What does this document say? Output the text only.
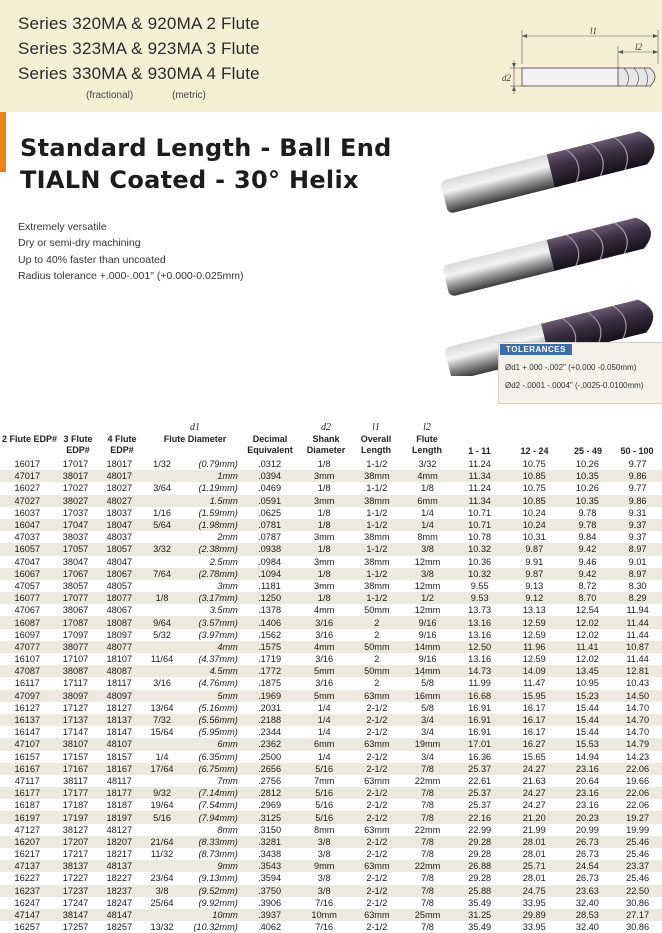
Series 320MA & 920MA 2 Flute
Series 323MA & 923MA 3 Flute
Series 330MA & 930MA 4 Flute
(fractional)	(metric)
l1
l2
d2
Standard Length - Ball End
TIALN Coated - 30° Helix
Extremely versatile
Dry or semi-dry machining
Up to 40% faster than uncoated
Radius tolerance +.000-.001" (+0.000-0.025mm)
TOLERANCES
Ød1 +.000 -.002" (+0.000 -0.050mm)
Ød2 -.0001 -.0004" (-.0025-0.0100mm)
2 Flute EDP# 3 Flute EDP#
4 Flute EDP#
d1
Flute Diameter	Decimal Equivalent
d2
Shank Diameter
l1
Overall Length
l2
Flute Length	1 - 11	12 - 24	25 - 49	50 - 100
16017	17017	18017	1/32	(0.79mm)	.0312	1/8	1-1/2	3/32	11.24	10.75	10.26	9.77
47017	38017	48017		1mm	.0394	3mm	38mm	4mm	11.34	10.85	10.35	9.86
16027	17027	18027	3/64	(1.19mm)	.0469	1/8	1-1/2	1/8	11.24	10.75	10.26	9.77
47027	38027	48027		1.5mm	.0591	3mm	38mm	6mm	11.34	10.85	10.35	9.86
16037	17037	18037	1/16	(1.59mm)	.0625	1/8	1-1/2	1/4	10.71	10.24	9.78	9.31
16047	17047	18047	5/64	(1.98mm)	.0781	1/8	1-1/2	1/4	10.71	10.24	9.78	9.37
47037	38037	48037		2mm	.0787	3mm	38mm	8mm	10.78	10.31	9.84	9.37
16057	17057	18057	3/32	(2.38mm)	.0938	1/8	1-1/2	3/8	10.32	9.87	9.42	8.97
47047	38047	48047		2.5mm	.0984	3mm	38mm	12mm	10.36	9.91	9.46	9.01
16067	17067	18067	7/64	(2.78mm)	.1094	1/8	1-1/2	3/8	10.32	9.87	9.42	8.97
47057	38057	48057		3mm	.1181	3mm	38mm	12mm	9.55	9.13	8.72	8.30
16077	17077	18077	1/8	(3.17mm)	.1250	1/8	1-1/2	1/2	9.53	9.12	8.70	8.29
47067	38067	48067		3.5mm	.1378	4mm	50mm	12mm	13.73	13.13	12.54	11.94
16087	17087	18087	9/64	(3.57mm)	.1406	3/16	2	9/16	13.16	12.59	12.02	11.44
16097	17097	18097	5/32	(3.97mm)	.1562	3/16	2	9/16	13.16	12.59	12.02	11.44
47077	38077	48077		4mm	.1575	4mm	50mm	14mm	12.50	11.96	11.41	10.87
16107	17107	18107	11/64	(4.37mm)	.1719	3/16	2	9/16	13.16	12.59	12.02	11.44
47087	38087	48087		4.5mm	.1772	5mm	50mm	14mm	14.73	14.09	13.45	12.81
16117	17117	18117	3/16	(4.76mm)	.1875	3/16	2	5/8	11.99	11.47	10.95	10.43
47097	38097	48097		5mm	.1969	5mm	63mm	16mm	16.68	15.95	15.23	14.50
16127	17127	18127	13/64	(5.16mm)	.2031	1/4	2-1/2	5/8	16.91	16.17	15.44	14.70
16137	17137	18137	7/32	(5.56mm)	.2188	1/4	2-1/2	3/4	16.91	16.17	15.44	14.70
16147	17147	18147	15/64	(5.95mm)	.2344	1/4	2-1/2	3/4	16.91	16.17	15.44	14.70
47107	38107	48107		6mm	.2362	6mm	63mm	19mm	17.01	16.27	15.53	14.79
16157	17157	18157	1/4	(6.35mm)	.2500	1/4	2-1/2	3/4	16.36	15.65	14.94	14.23
16167	17167	18167	17/64	(6.75mm)	.2656	5/16	2-1/2	7/8	25.37	24.27	23.16	22.06
47117	38117	48117		7mm	.2756	7mm	63mm	22mm	22.61	21.63	20.64	19.66
16177	17177	18177	9/32	(7.14mm)	.2812	5/16	2-1/2	7/8	25.37	24.27	23.16	22.06
16187	17187	18187	19/64	(7.54mm)	.2969	5/16	2-1/2	7/8	25.37	24.27	23.16	22.06
16197	17197	18197	5/16	(7.94mm)	.3125	5/16	2-1/2	7/8	22.16	21.20	20.23	19.27
47127	38127	48127		8mm	.3150	8mm	63mm	22mm	22.99	21.99	20.99	19.99
16207	17207	18207	21/64	(8.33mm)	.3281	3/8	2-1/2	7/8	29.28	28.01	26.73	25.46
16217	17217	18217	11/32	(8.73mm)	.3438	3/8	2-1/2	7/8	29.28	28.01	26.73	25.46
47137	38137	48137		9mm	.3543	9mm	63mm	22mm	26.88	25.71	24.54	23.37
16227	17227	18227	23/64	(9.13mm)	.3594	3/8	2-1/2	7/8	29.28	28.01	26.73	25.46
16237	17237	18237	3/8	(9.52mm)	.3750	3/8	2-1/2	7/8	25.88	24.75	23.63	22.50
16247	17247	18247	25/64	(9.92mm)	.3906	7/16	2-1/2	7/8	35.49	33.95	32.40	30.86
47147	38147	48147		10mm	.3937	10mm	63mm	25mm	31.25	29.89	28.53	27.17
16257	17257	18257	13/32	(10.32mm)	.4062	7/16	2-1/2	7/8	35.49	33.95	32.40	30.86
